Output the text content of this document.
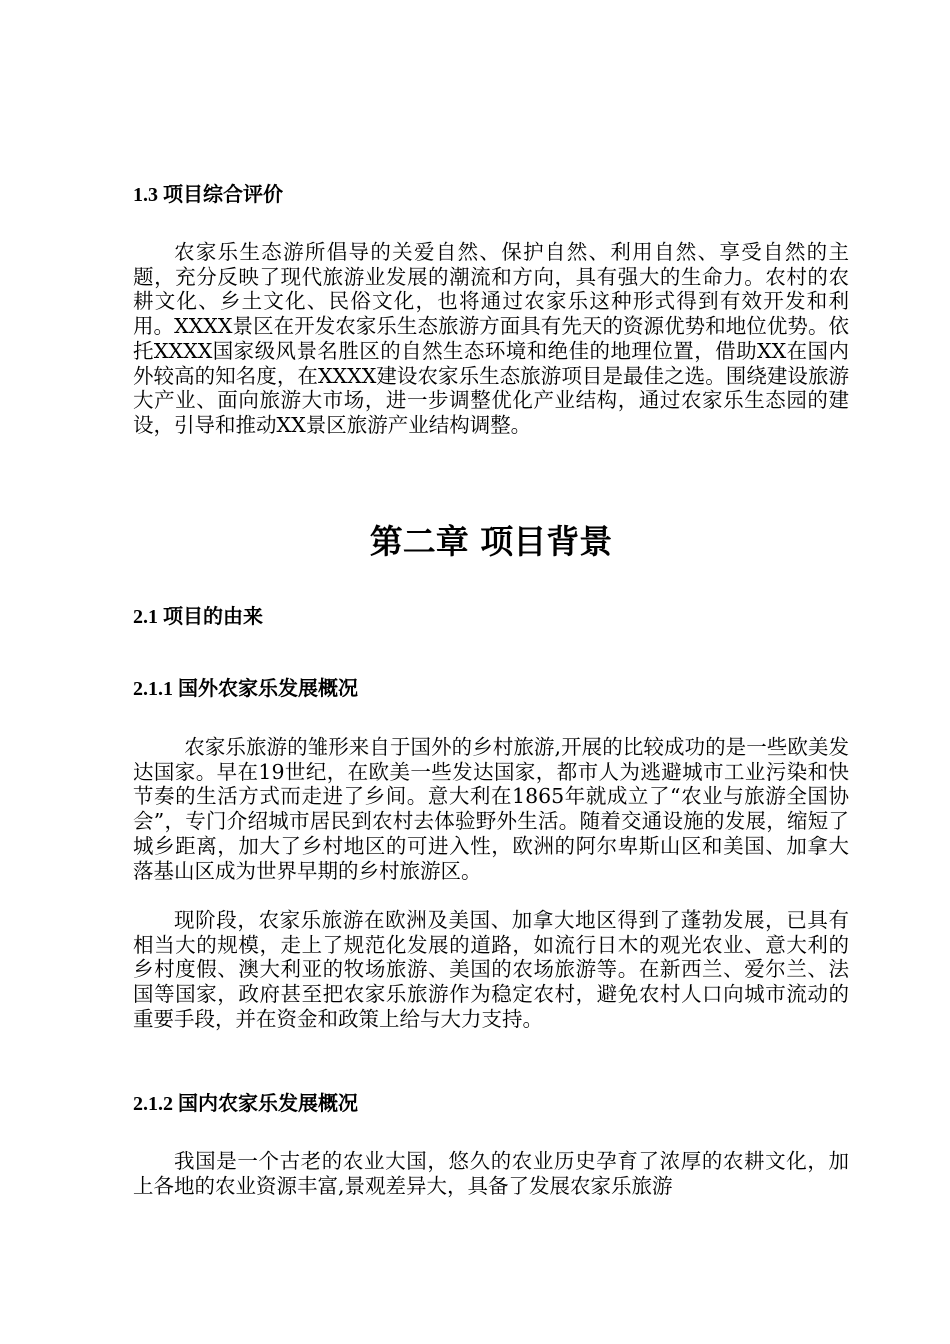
1.3 项目综合评价

农家乐生态游所倡导的关爱自然、保护自然、利用自然、享受自然的主题，充分反映了现代旅游业发展的潮流和方向，具有强大的生命力。农村的农耕文化、乡土文化、民俗文化，也将通过农家乐这种形式得到有效开发和利用。XXXX景区在开发农家乐生态旅游方面具有先天的资源优势和地位优势。依托XXXX国家级风景名胜区的自然生态环境和绝佳的地理位置，借助XX在国内外较高的知名度，在XXXX建设农家乐生态旅游项目是最佳之选。围绕建设旅游大产业、面向旅游大市场，进一步调整优化产业结构，通过农家乐生态园的建设，引导和推动XX景区旅游产业结构调整。

第二章 项目背景
2.1 项目的由来
2.1.1 国外农家乐发展概况

农家乐旅游的雏形来自于国外的乡村旅游,开展的比较成功的是一些欧美发达国家。早在19世纪，在欧美一些发达国家，都市人为逃避城市工业污染和快节奏的生活方式而走进了乡间。意大利在1865年就成立了“农业与旅游全国协会”，专门介绍城市居民到农村去体验野外生活。随着交通设施的发展，缩短了城乡距离，加大了乡村地区的可进入性，欧洲的阿尔卑斯山区和美国、加拿大落基山区成为世界早期的乡村旅游区。

现阶段，农家乐旅游在欧洲及美国、加拿大地区得到了蓬勃发展，已具有相当大的规模，走上了规范化发展的道路，如流行日木的观光农业、意大利的乡村度假、澳大利亚的牧场旅游、美国的农场旅游等。在新西兰、爱尔兰、法国等国家，政府甚至把农家乐旅游作为稳定农村，避免农村人口向城市流动的重要手段，并在资金和政策上给与大力支持。

2.1.2 国内农家乐发展概况

我国是一个古老的农业大国，悠久的农业历史孕育了浓厚的农耕文化，加上各地的农业资源丰富,景观差异大，具备了发展农家乐旅游
